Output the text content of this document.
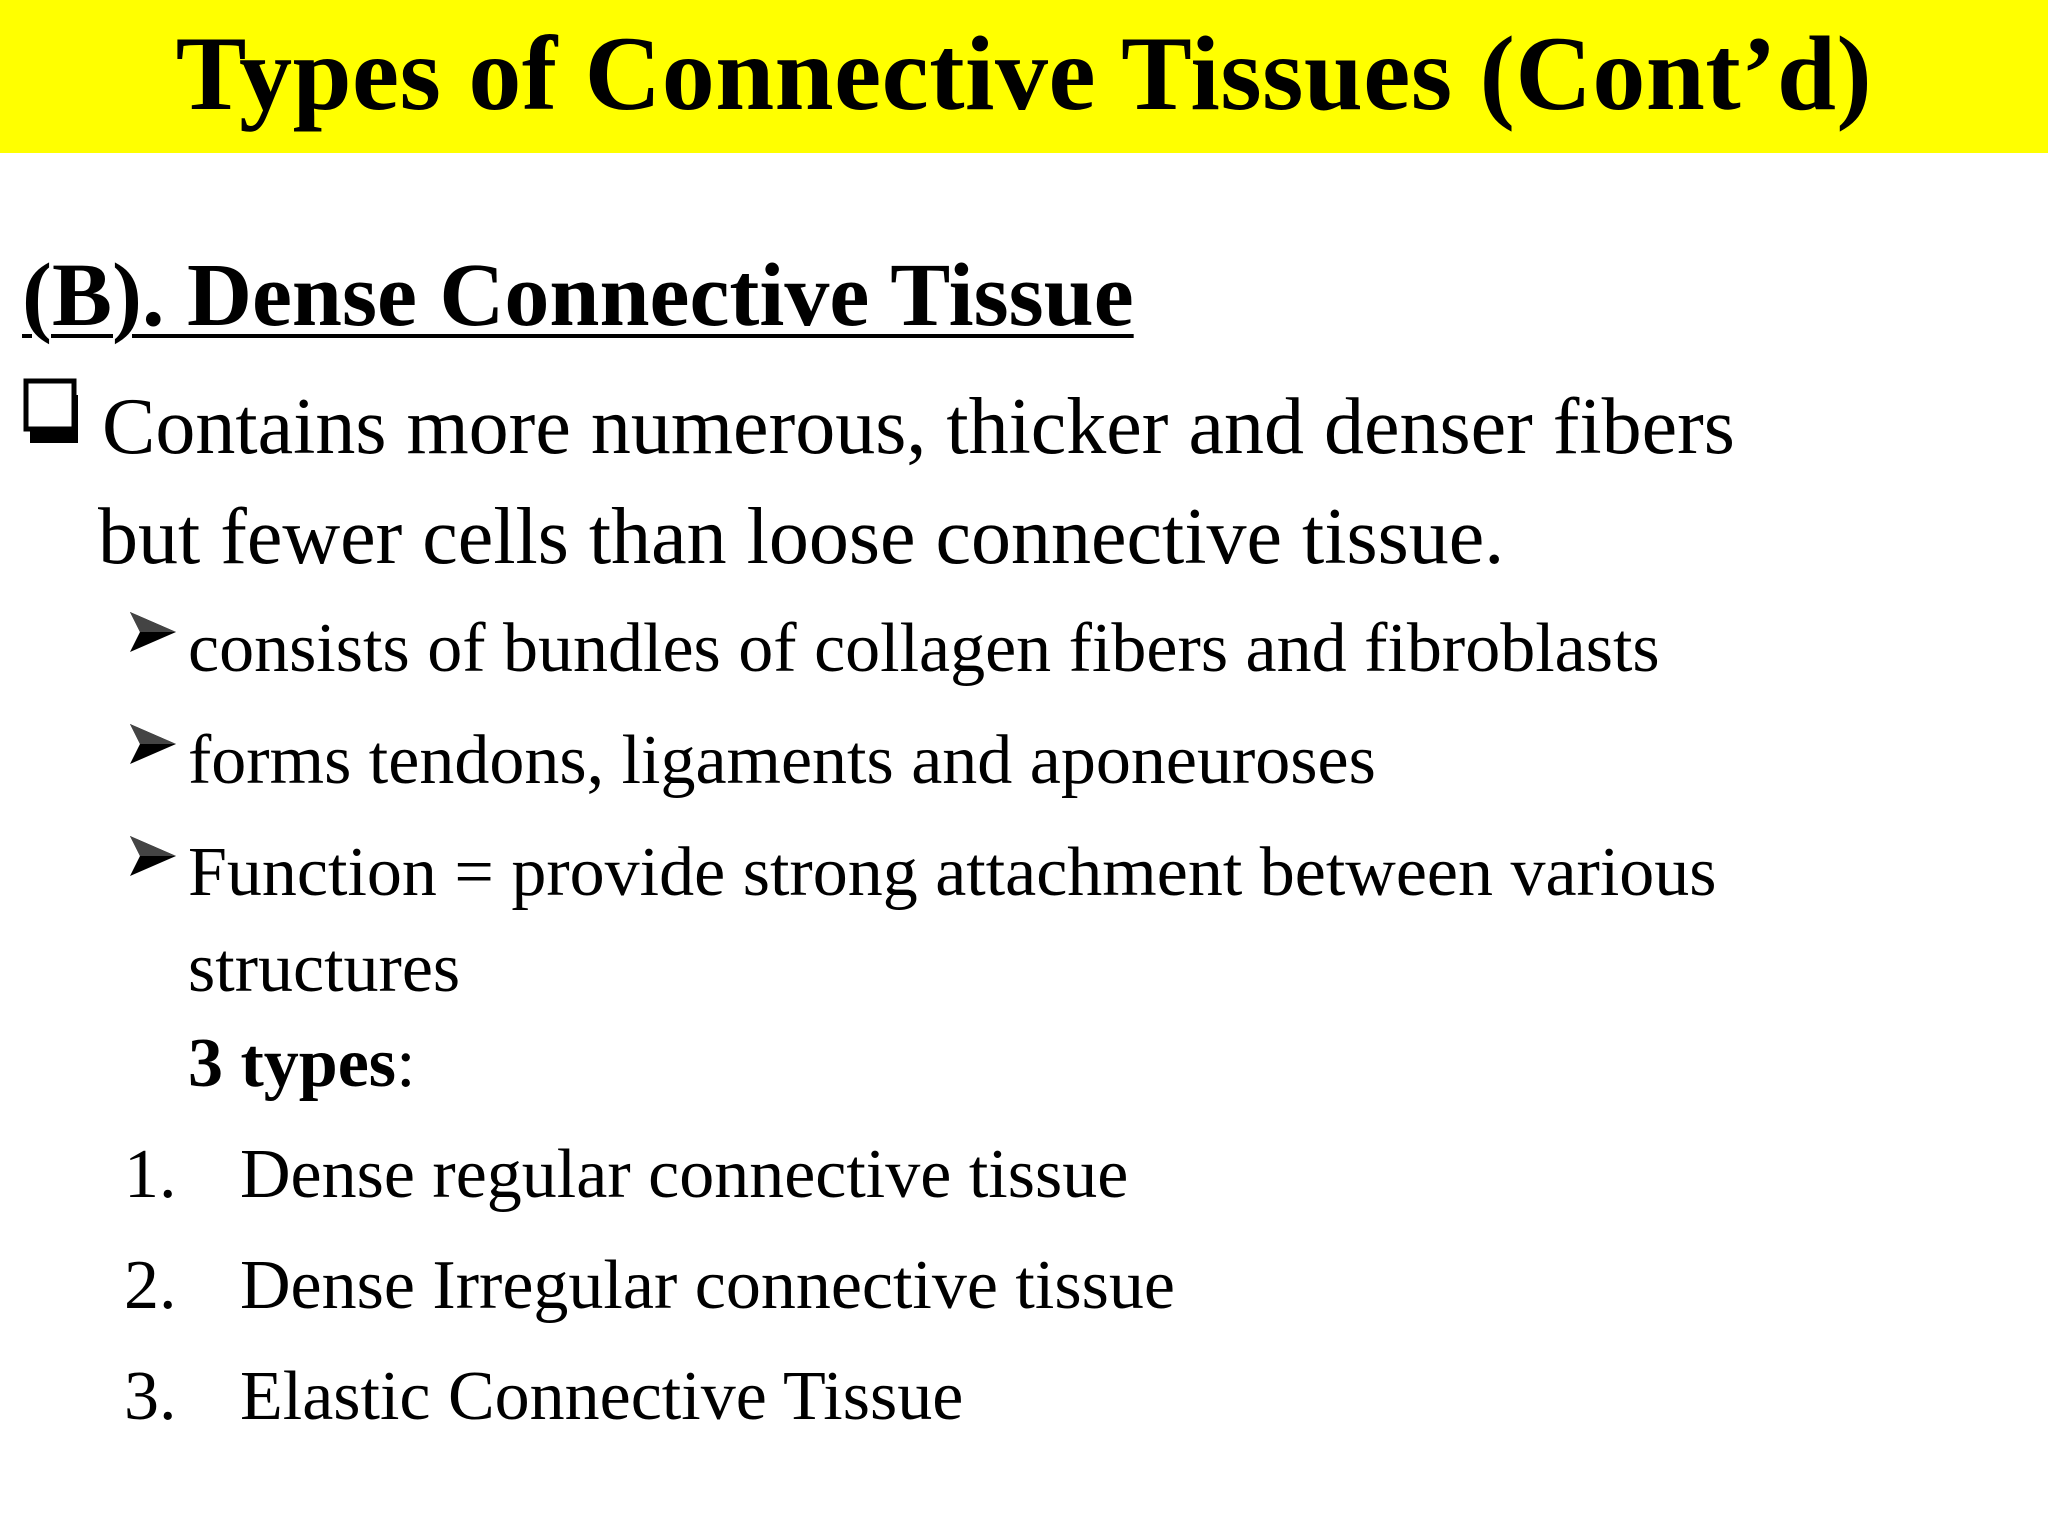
Types of Connective Tissues (Cont’d)
(B). Dense Connective Tissue
Contains more numerous, thicker and denser fibers
but fewer cells than loose connective tissue.
consists of bundles of collagen fibers and fibroblasts
forms tendons, ligaments and aponeuroses
Function = provide strong attachment between various
structures
3 types:
1. Dense regular connective tissue
2. Dense Irregular connective tissue
3. Elastic Connective Tissue
